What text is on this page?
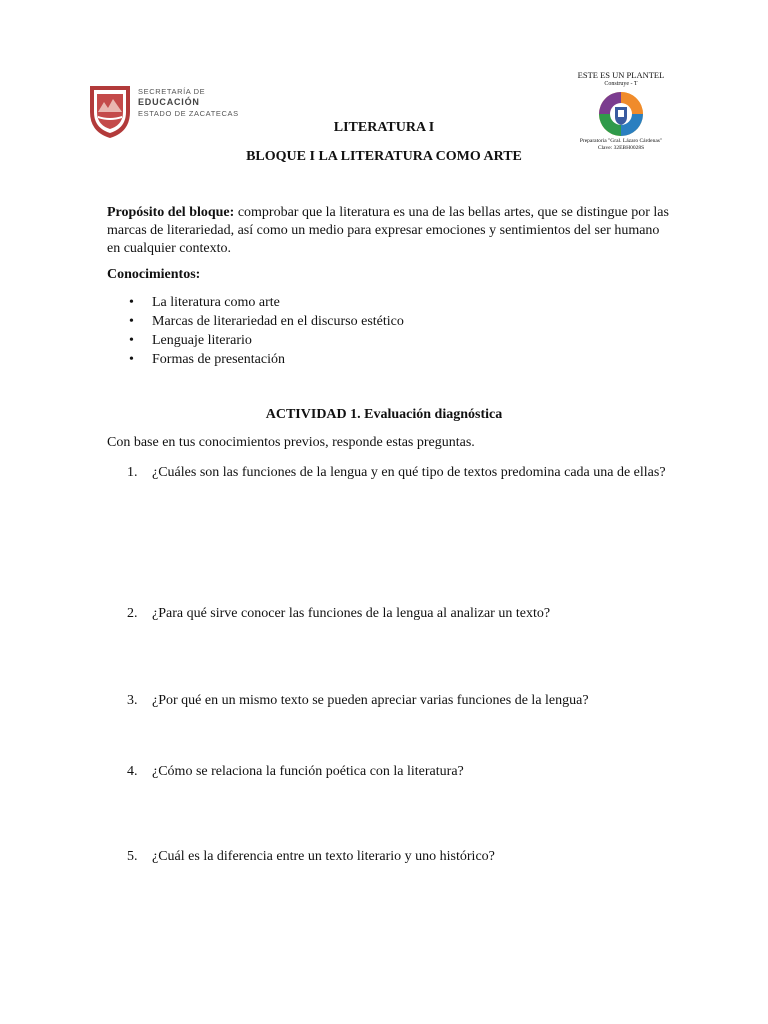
SECRETARÍA DE
EDUCACIÓN
ESTADO DE ZACATECAS
ESTE ES UN PLANTEL
Construye - T
Preparatoria "Gral. Lázaro Cárdenas"
Clave: 32EBH0028S
LITERATURA I
BLOQUE I LA LITERATURA COMO ARTE
Propósito del bloque: comprobar que la literatura es una de las bellas artes, que se distingue por las
marcas de literariedad, así como un medio para expresar emociones y sentimientos del ser humano
en cualquier contexto.
Conocimientos:
• La literatura como arte
• Marcas de literariedad en el discurso estético
• Lenguaje literario
• Formas de presentación
ACTIVIDAD 1. Evaluación diagnóstica
Con base en tus conocimientos previos, responde estas preguntas.
1. ¿Cuáles son las funciones de la lengua y en qué tipo de textos predomina cada una de ellas?
2. ¿Para qué sirve conocer las funciones de la lengua al analizar un texto?
3. ¿Por qué en un mismo texto se pueden apreciar varias funciones de la lengua?
4. ¿Cómo se relaciona la función poética con la literatura?
5. ¿Cuál es la diferencia entre un texto literario y uno histórico?
